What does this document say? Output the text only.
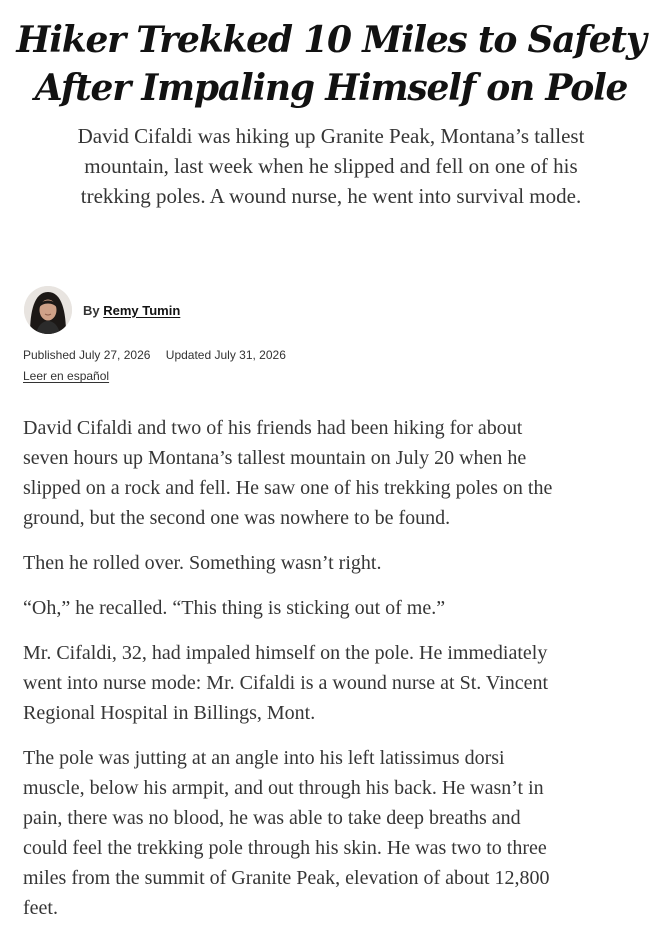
Hiker Trekked 10 Miles to Safety
After Impaling Himself on Pole

David Cifaldi was hiking up Granite Peak, Montana’s tallest
mountain, last week when he slipped and fell on one of his
trekking poles. A wound nurse, he went into survival mode.

By Remy Tumin
Published July 27, 2026 Updated July 31, 2026
Leer en español

David Cifaldi and two of his friends had been hiking for about
seven hours up Montana’s tallest mountain on July 20 when he
slipped on a rock and fell. He saw one of his trekking poles on the
ground, but the second one was nowhere to be found.

Then he rolled over. Something wasn’t right.

“Oh,” he recalled. “This thing is sticking out of me.”

Mr. Cifaldi, 32, had impaled himself on the pole. He immediately
went into nurse mode: Mr. Cifaldi is a wound nurse at St. Vincent
Regional Hospital in Billings, Mont.

The pole was jutting at an angle into his left latissimus dorsi
muscle, below his armpit, and out through his back. He wasn’t in
pain, there was no blood, he was able to take deep breaths and
could feel the trekking pole through his skin. He was two to three
miles from the summit of Granite Peak, elevation of about 12,800
feet.
